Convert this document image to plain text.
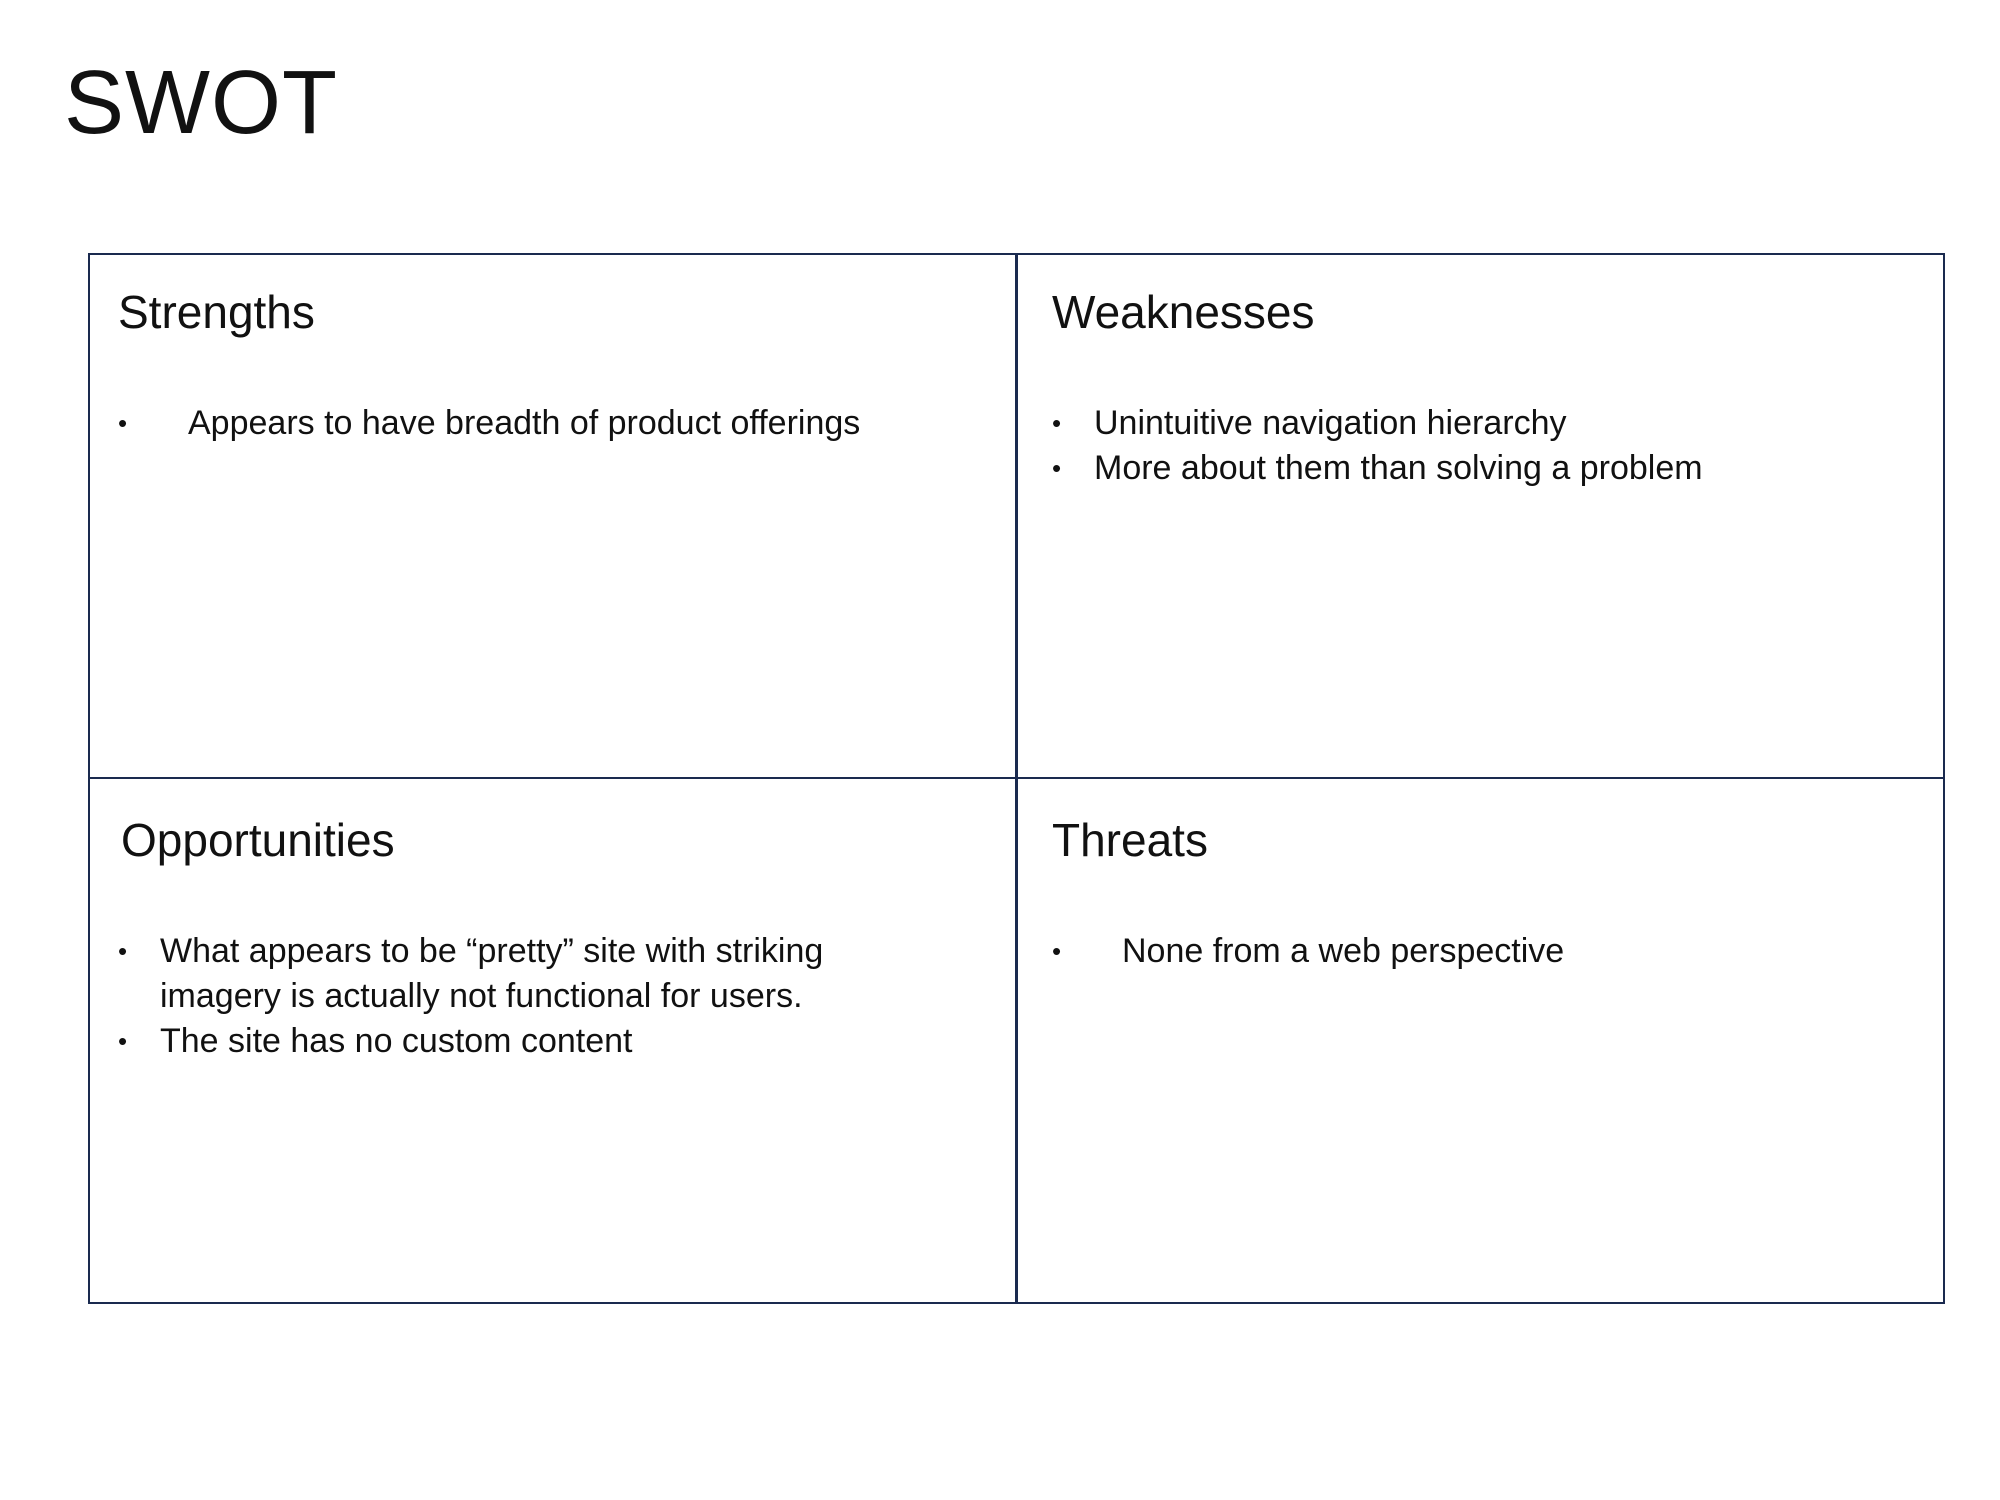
SWOT
Strengths
• Appears to have breadth of product offerings
Weaknesses
• Unintuitive navigation hierarchy
• More about them than solving a problem
Opportunities
• What appears to be “pretty” site with striking imagery is actually not functional for users.
• The site has no custom content
Threats
• None from a web perspective
